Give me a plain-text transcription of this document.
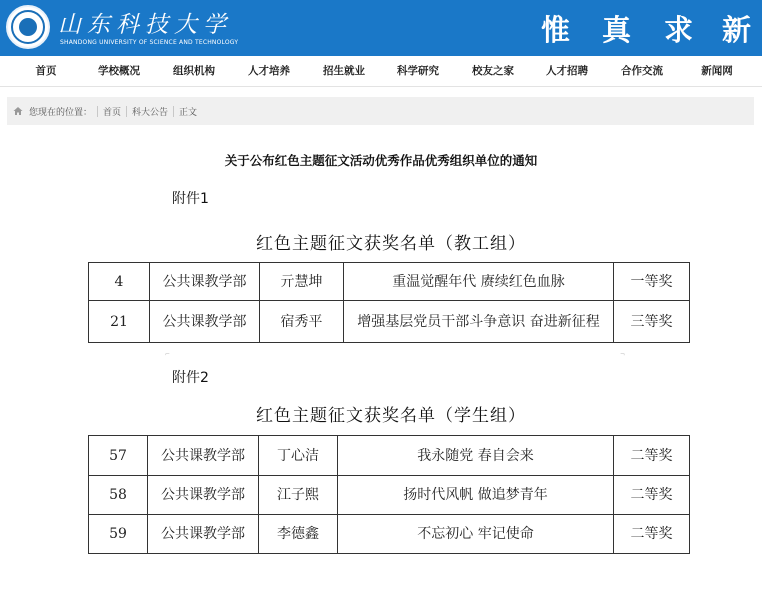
山东科技大学
SHANDONG UNIVERSITY OF SCIENCE AND TECHNOLOGY	惟 真 求 新
首页	学校概况	组织机构	人才培养	招生就业	科学研究	校友之家	人才招聘	合作交流	新闻网
您现在的位置： 首页 科大公告 正文
关于公布红色主题征文活动优秀作品优秀组织单位的通知
附件1
红色主题征文获奖名单（教工组）
4	公共课教学部	亓慧坤	重温觉醒年代 赓续红色血脉	一等奖
21	公共课教学部	宿秀平	增强基层党员干部斗争意识 奋进新征程	三等奖
⌐	¬
附件2
红色主题征文获奖名单（学生组）
57	公共课教学部	丁心洁	我永随党 春自会来	二等奖
58	公共课教学部	江子熙	扬时代风帆 做追梦青年	二等奖
59	公共课教学部	李德鑫	不忘初心 牢记使命	二等奖
